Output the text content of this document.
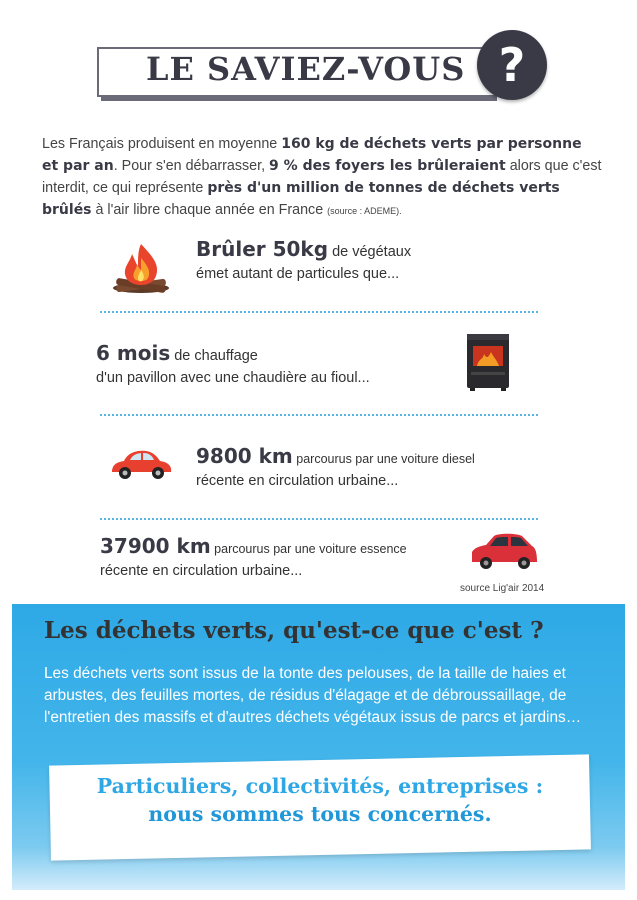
LE SAVIEZ-VOUS ?
Les Français produisent en moyenne 160 kg de déchets verts par personne et par an. Pour s'en débarrasser, 9 % des foyers les brûleraient alors que c'est interdit, ce qui représente près d'un million de tonnes de déchets verts brûlés à l'air libre chaque année en France (source : ADEME).
Brûler 50kg de végétaux
émet autant de particules que...
6 mois de chauffage
d'un pavillon avec une chaudière au fioul...
9800 km parcourus par une voiture diesel
récente en circulation urbaine...
37900 km parcourus par une voiture essence
récente en circulation urbaine...
source Lig'air 2014
Les déchets verts, qu'est-ce que c'est ?
Les déchets verts sont issus de la tonte des pelouses, de la taille de haies et arbustes, des feuilles mortes, de résidus d'élagage et de débroussaillage, de l'entretien des massifs et d'autres déchets végétaux issus de parcs et jardins…
Particuliers, collectivités, entreprises :
nous sommes tous concernés.
